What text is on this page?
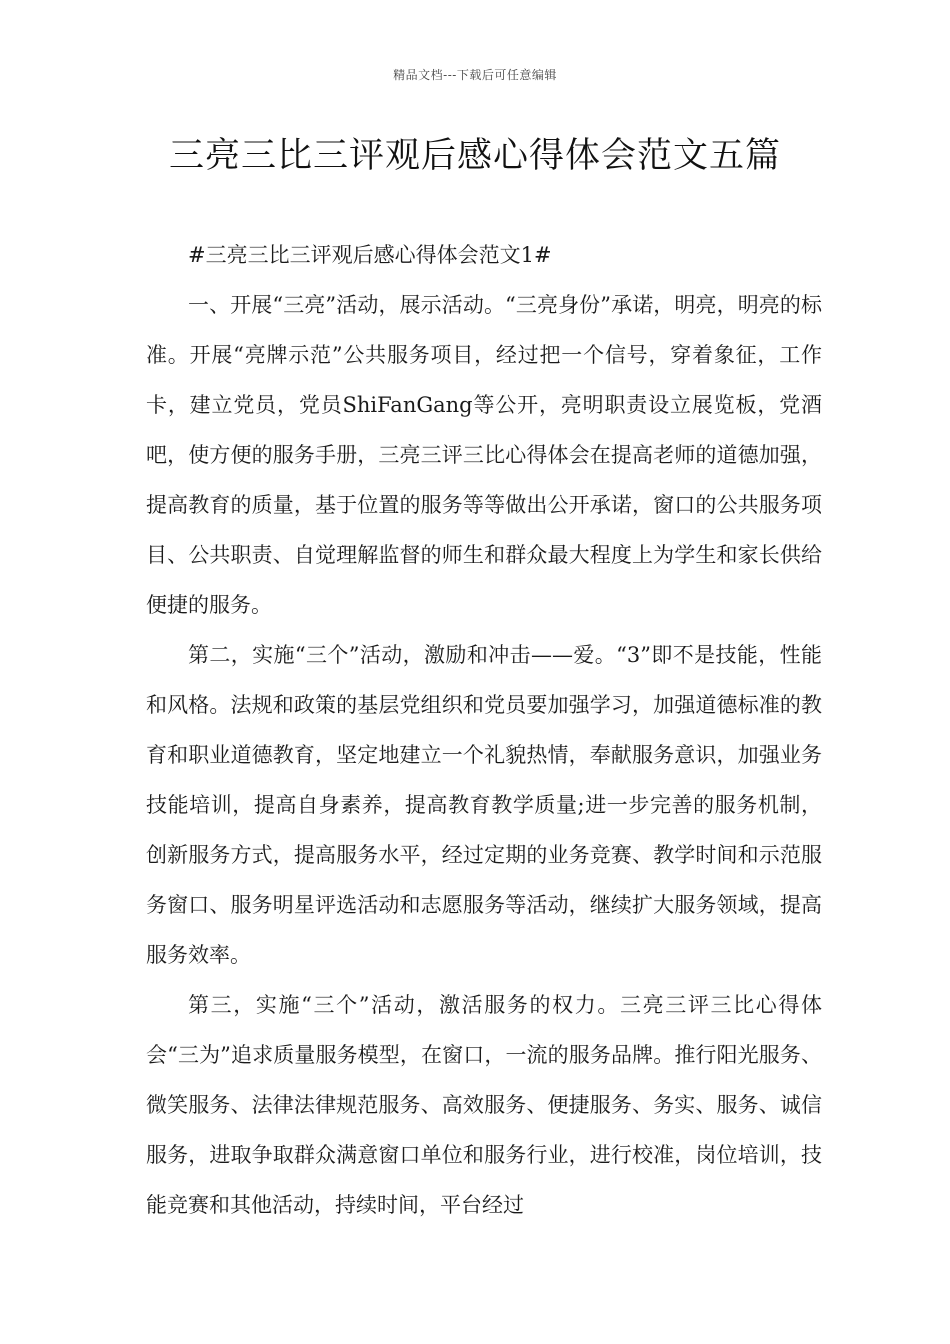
精品文档---下载后可任意编辑
三亮三比三评观后感心得体会范文五篇

#三亮三比三评观后感心得体会范文1#

一、开展“三亮”活动，展示活动。“三亮身份”承诺，明亮，明亮的标准。开展“亮牌示范”公共服务项目，经过把一个信号，穿着象征，工作卡，建立党员，党员ShiFanGang等公开，亮明职责设立展览板，党酒吧，使方便的服务手册，三亮三评三比心得体会在提高老师的道德加强，提高教育的质量，基于位置的服务等等做出公开承诺，窗口的公共服务项目、公共职责、自觉理解监督的师生和群众最大程度上为学生和家长供给便捷的服务。

第二，实施“三个”活动，激励和冲击——爱。“3”即不是技能，性能和风格。法规和政策的基层党组织和党员要加强学习，加强道德标准的教育和职业道德教育，坚定地建立一个礼貌热情，奉献服务意识，加强业务技能培训，提高自身素养，提高教育教学质量;进一步完善的服务机制，创新服务方式，提高服务水平，经过定期的业务竞赛、教学时间和示范服务窗口、服务明星评选活动和志愿服务等活动，继续扩大服务领域，提高服务效率。

第三，实施“三个”活动，激活服务的权力。三亮三评三比心得体会“三为”追求质量服务模型，在窗口，一流的服务品牌。推行阳光服务、微笑服务、法律法律规范服务、高效服务、便捷服务、务实、服务、诚信服务，进取争取群众满意窗口单位和服务行业，进行校准，岗位培训，技能竞赛和其他活动，持续时间，平台经过
